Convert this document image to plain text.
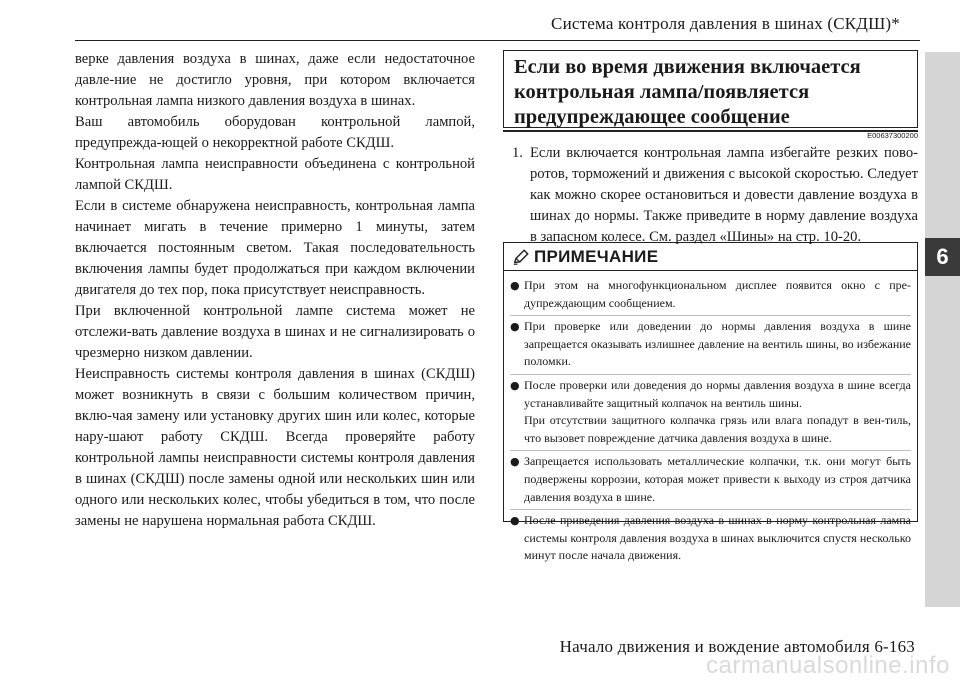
Система контроля давления в шинах (СКДШ)*
6

верке давления воздуха в шинах, даже если недостаточное давле-ние не достигло уровня, при котором включается контрольная лампа низкого давления воздуха в шинах.

Ваш автомобиль оборудован контрольной лампой, предупрежда-ющей о некорректной работе СКДШ.

Контрольная лампа неисправности объединена с контрольной лампой СКДШ.

Если в системе обнаружена неисправность, контрольная лампа начинает мигать в течение примерно 1 минуты, затем включается постоянным светом. Такая последовательность включения лампы будет продолжаться при каждом включении двигателя до тех пор, пока присутствует неисправность.

При включенной контрольной лампе система может не отслежи-вать давление воздуха в шинах и не сигнализировать о чрезмерно низком давлении.

Неисправность системы контроля давления в шинах (СКДШ) может возникнуть в связи с большим количеством причин, вклю-чая замену или установку других шин или колес, которые нару-шают работу СКДШ. Всегда проверяйте работу контрольной лампы неисправности системы контроля давления в шинах (СКДШ) после замены одной или нескольких шин или одного или нескольких колес, чтобы убедиться в том, что после замены не нарушена нормальная работа СКДШ.

Если во время движения включается контрольная лампа/появляется предупреждающее сообщение
E00637300200
1. Если включается контрольная лампа избегайте резких пово-ротов, торможений и движения с высокой скоростью. Следует как можно скорее остановиться и довести давление воздуха в шинах до нормы. Также приведите в норму давление воздуха в запасном колесе. См. раздел «Шины» на стр. 10-20.
ПРИМЕЧАНИЕ
● При этом на многофункциональном дисплее появится окно с пре-дупреждающим сообщением.

● При проверке или доведении до нормы давления воздуха в шине запрещается оказывать излишнее давление на вентиль шины, во избежание поломки.

● После проверки или доведения до нормы давления воздуха в шине всегда устанавливайте защитный колпачок на вентиль шины.

При отсутствии защитного колпачка грязь или влага попадут в вен-тиль, что вызовет повреждение датчика давления воздуха в шине.

● Запрещается использовать металлические колпачки, т.к. они могут быть подвержены коррозии, которая может привести к выходу из строя датчика давления воздуха в шине.

● После приведения давления воздуха в шинах в норму контрольная лампа системы контроля давления воздуха в шинах выключится спустя несколько минут после начала движения.

Начало движения и вождение автомобиля 6-163
carmanualsonline.info
